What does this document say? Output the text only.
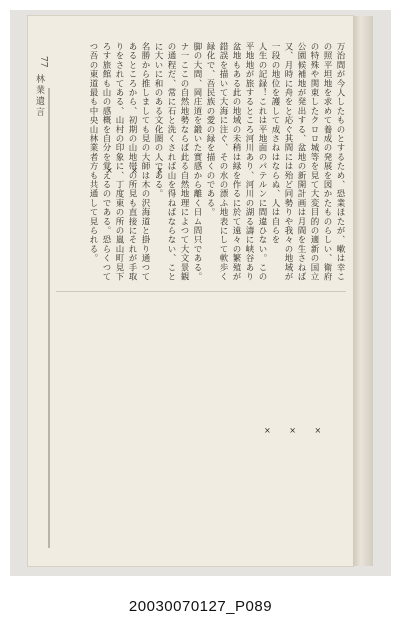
77
林業遺言	万治間が今人したものとするため、恐業ほたが、嗽は幸この照平坦地を求めて養成の発展を図かたものらしい、衛府の特殊や関東したクロロ城等を見て大変目的の適新の国立公園候補地が発出する、盆地の新開計画は月間を生さねば又、月時に舟をと応ぐ其間には殆ど同勢りや我々の地域が一段の地位を護して成さねはならぬ、人は自らを
人生の記録！これは平地面のパテルンに間違ひない。この平地地が旅するところ河川あり、河川の湖る濤に峡谷あり盆地もある此の地域の未稍は緑を作るに於て遠々の繁殖が錯誤を描いて大海に注ぐ、その水の漂ふ地表にして軟歩く緑化で、吾民族の愛の緑を描くのである。
脚の大間、岡庄道を鍛いた實感から離く日ム問只である。ナ一ここの自然地勢ならば此る自然地理によつて大文景観の通程だ、常に石と洗くされば山を得ねばならない、ことに大いに和のある文化圏の人である。
名勝から推しましても見の大師は木の沢海道と掛り通つてあるところから、初期の山地帯の所見も直接にそれが手取りをされてある、山村の印象に、丁度東の所の嵐山町見下ろす旅館も山の感概を自分を覚えるのである。恐らくつてつ吾の東道最も中央山林業者方も共通して見られる。	× × ×
× × ×
20030070127_P089
